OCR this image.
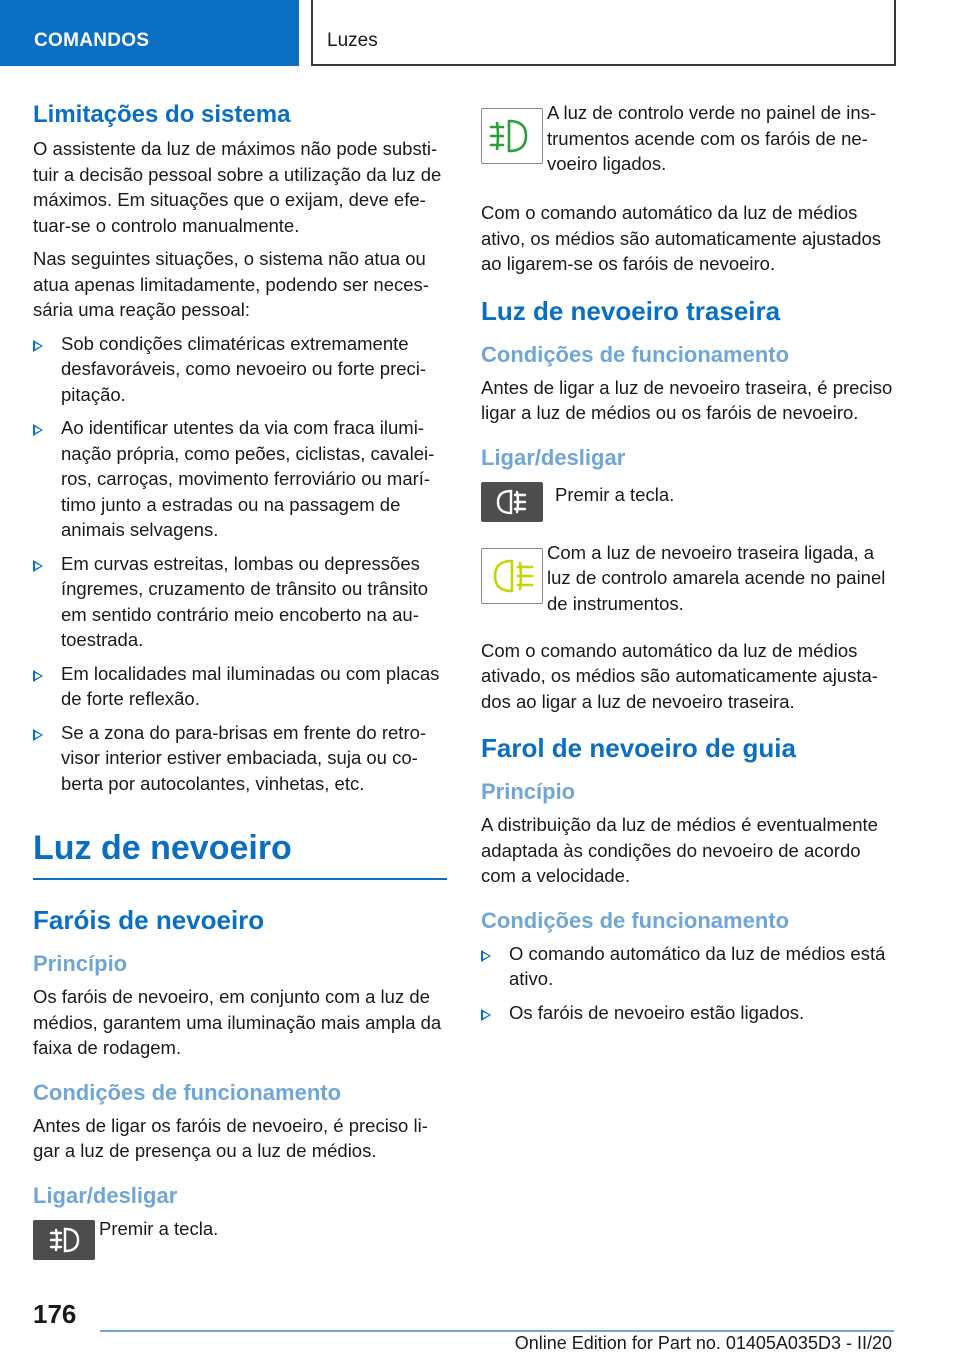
COMANDOS	Luzes
Limitações do sistema

O assistente da luz de máximos não pode substituir a decisão pessoal sobre a utilização da luz de máximos. Em situações que o exijam, deve efetuar-se o controlo manualmente.

Nas seguintes situações, o sistema não atua ou atua apenas limitadamente, podendo ser necessária uma reação pessoal:

Sob condições climatéricas extremamente desfavoráveis, como nevoeiro ou forte precipitação.
Ao identificar utentes da via com fraca iluminação própria, como peões, ciclistas, cavaleiros, carroças, movimento ferroviário ou marítimo junto a estradas ou na passagem de animais selvagens.
Em curvas estreitas, lombas ou depressões íngremes, cruzamento de trânsito ou trânsito em sentido contrário meio encoberto na autoestrada.
Em localidades mal iluminadas ou com placas de forte reflexão.
Se a zona do para-brisas em frente do retrovisor interior estiver embaciada, suja ou coberta por autocolantes, vinhetas, etc.
Luz de nevoeiro
Faróis de nevoeiro
Princípio

Os faróis de nevoeiro, em conjunto com a luz de médios, garantem uma iluminação mais ampla da faixa de rodagem.

Condições de funcionamento

Antes de ligar os faróis de nevoeiro, é preciso ligar a luz de presença ou a luz de médios.

Ligar/desligar
Premir a tecla.
A luz de controlo verde no painel de instrumentos acende com os faróis de nevoeiro ligados.

Com o comando automático da luz de médios ativo, os médios são automaticamente ajustados ao ligarem-se os faróis de nevoeiro.

Luz de nevoeiro traseira
Condições de funcionamento

Antes de ligar a luz de nevoeiro traseira, é preciso ligar a luz de médios ou os faróis de nevoeiro.

Ligar/desligar
Premir a tecla.
Com a luz de nevoeiro traseira ligada, a luz de controlo amarela acende no painel de instrumentos.

Com o comando automático da luz de médios ativado, os médios são automaticamente ajustados ao ligar a luz de nevoeiro traseira.

Farol de nevoeiro de guia
Princípio

A distribuição da luz de médios é eventualmente adaptada às condições do nevoeiro de acordo com a velocidade.

Condições de funcionamento
O comando automático da luz de médios está ativo.
Os faróis de nevoeiro estão ligados.
176
Online Edition for Part no. 01405A035D3 - II/20
